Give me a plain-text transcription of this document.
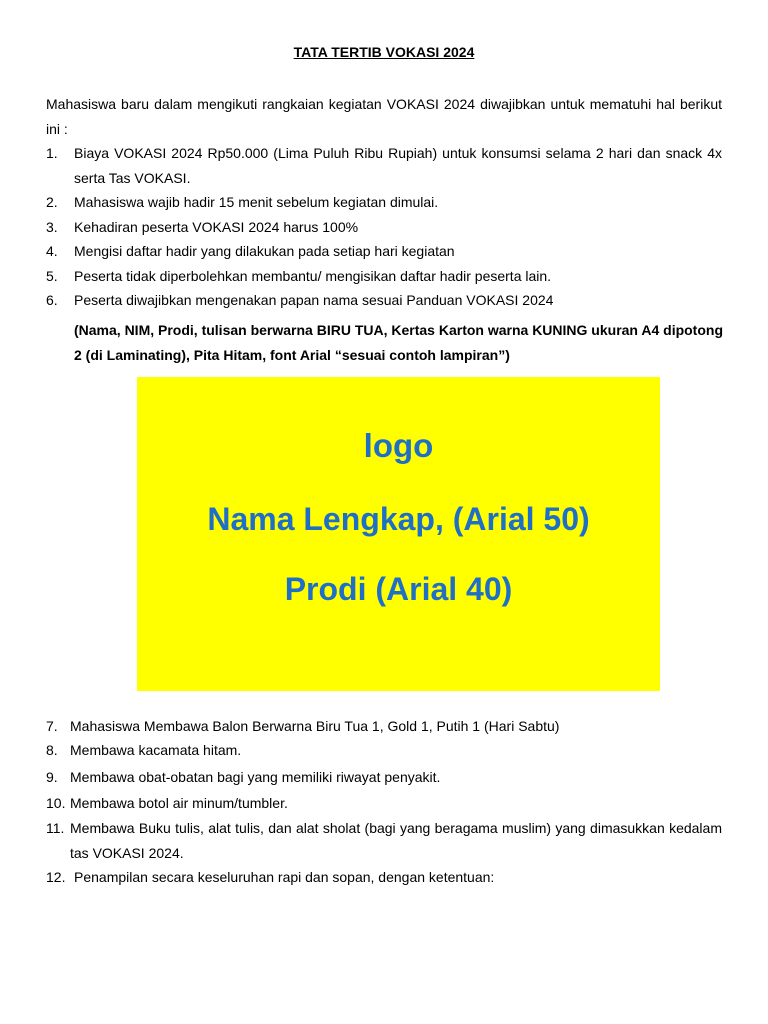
TATA TERTIB VOKASI 2024
Mahasiswa baru dalam mengikuti rangkaian kegiatan VOKASI 2024 diwajibkan untuk mematuhi hal berikut ini :
1. Biaya VOKASI 2024 Rp50.000 (Lima Puluh Ribu Rupiah) untuk konsumsi selama 2 hari dan snack 4x serta Tas VOKASI.
2. Mahasiswa wajib hadir 15 menit sebelum kegiatan dimulai.
3. Kehadiran peserta VOKASI 2024 harus 100%
4. Mengisi daftar hadir yang dilakukan pada setiap hari kegiatan
5. Peserta tidak diperbolehkan membantu/ mengisikan daftar hadir peserta lain.
6. Peserta diwajibkan mengenakan papan nama sesuai Panduan VOKASI 2024
(Nama, NIM, Prodi, tulisan berwarna BIRU TUA, Kertas Karton warna KUNING ukuran A4 dipotong 2 (di Laminating), Pita Hitam, font Arial “sesuai contoh lampiran”)
logo
Nama Lengkap, (Arial 50)
Prodi (Arial 40)
7. Mahasiswa Membawa Balon Berwarna Biru Tua 1, Gold 1, Putih 1 (Hari Sabtu)
8. Membawa kacamata hitam.
9. Membawa obat-obatan bagi yang memiliki riwayat penyakit.
10. Membawa botol air minum/tumbler.
11. Membawa Buku tulis, alat tulis, dan alat sholat (bagi yang beragama muslim) yang dimasukkan kedalam tas VOKASI 2024.
12. Penampilan secara keseluruhan rapi dan sopan, dengan ketentuan:
